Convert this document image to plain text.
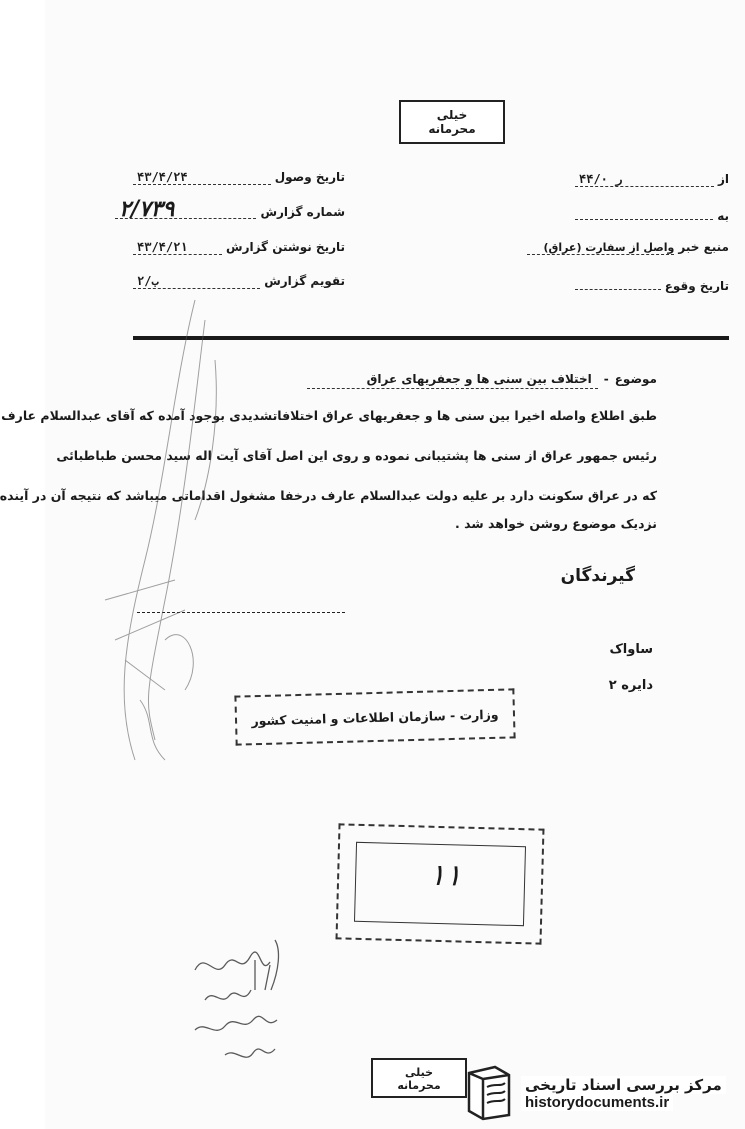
خیلی محرمانه
تاریخ وصول
۴۳/۴/۲۴
شماره گزارش
۲/۷۳۹
تاریخ نوشتن گزارش
۴۳/۴/۲۱
تقویم گزارش
۲/ب
از
ر ۴۴/۰
به
منبع خبر
واصل از سفارت (عراق)
تاریخ وقوع
موضوع
-
اختلاف بین سنی ها و جعفریهای عراق
طبق اطلاع واصله اخیرا بین سنی ها و جعفریهای عراق اختلافاتشدیدی بوجود آمده که آقای عبدالسلام عارف
رئیس جمهور عراق از سنی ها پشتیبانی نموده و روی این اصل آقای آیت اله سید محسن طباطبائی
که در عراق سکونت دارد بر علیه دولت عبدالسلام عارف درخفا مشغول اقداماتی میباشد که نتیجه آن در آینده
نزدیک موضوع روشن خواهد شد .
گیرندگان
ساواک
دایره ۲
وزارت - سازمان اطلاعات و امنیت کشور
۱۱
خیلی محرمانه	مرکز بررسی اسناد تاریخی
historydocuments.ir
